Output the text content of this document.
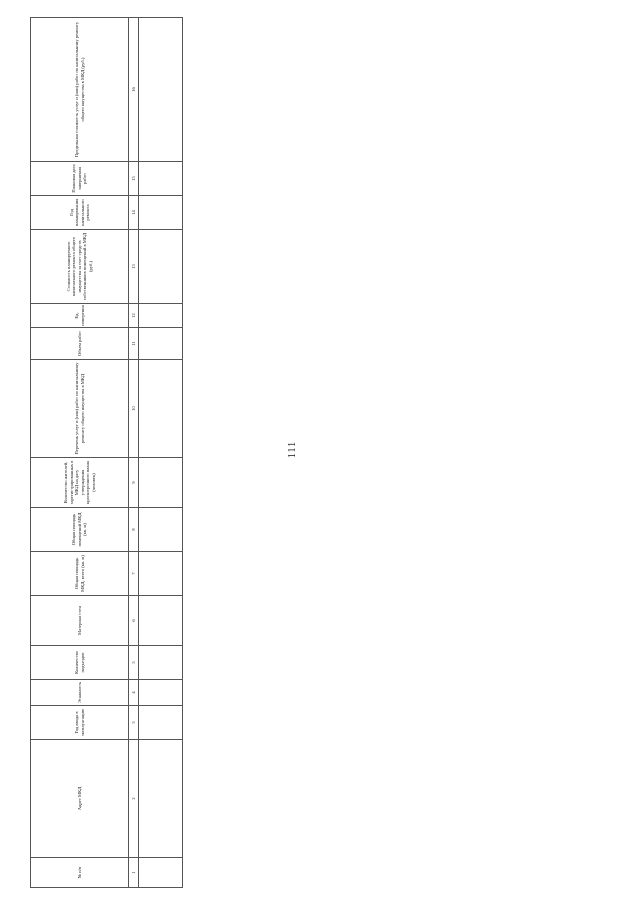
111
№ п/п	Адрес МКД	Год ввода в эксплуатацию	Этажность	Количество подъездов	Материал стен	Общая площадь МКД, всего (кв. м)	Общая площадь помещений МКД (кв. м)	Количество жителей, зарегистрированных в МКД на дату утверждения краткосрочного плана (человек)	Перечень услуг и (или) работ по капитальному ремонту общего имущества в МКД	Объем работ	Ед. измерения	Стоимость планируемого капитального ремонта общего имущества за счет средств собственников помещений в МКД (руб.)	Год планирования капитального ремонта	Плановая дата завершения работ	Предельная стоимость услуг и (или) работ по капитальному ремонту общего имущества в МКД (руб.)
1	2	3	4	5	6	7	8	9	10	11	12	13	14	15	16
